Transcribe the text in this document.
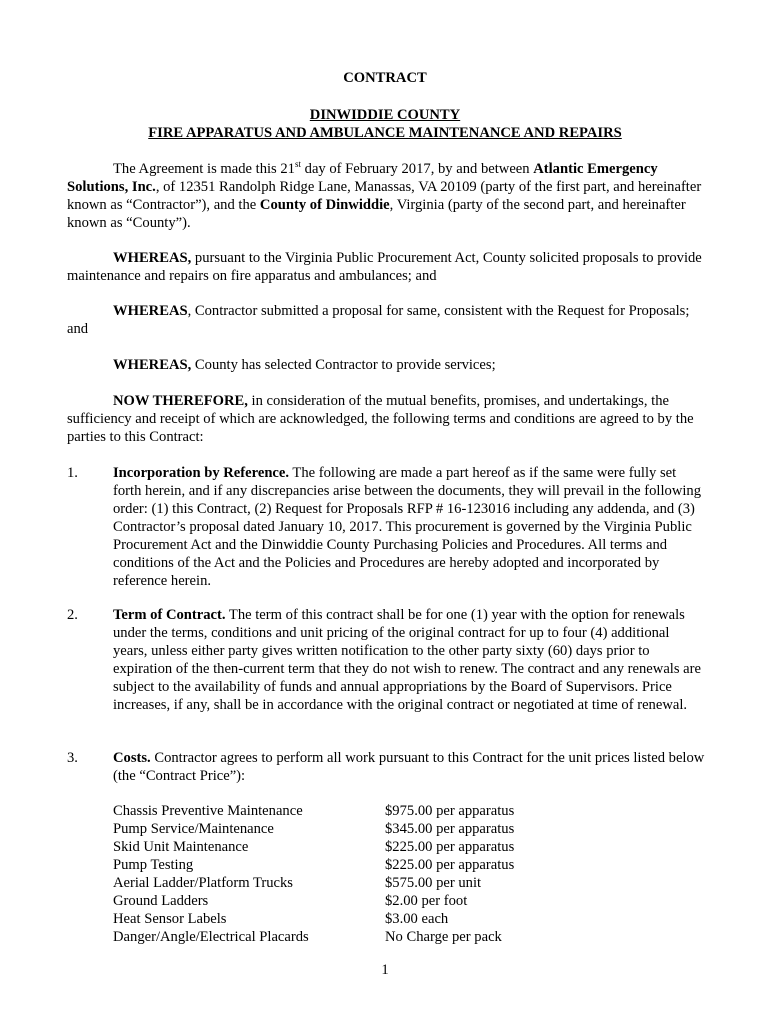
CONTRACT
DINWIDDIE COUNTY
FIRE APPARATUS AND AMBULANCE MAINTENANCE AND REPAIRS
The Agreement is made this 21st day of February 2017, by and between Atlantic Emergency Solutions, Inc., of 12351 Randolph Ridge Lane, Manassas, VA 20109 (party of the first part, and hereinafter known as “Contractor”), and the County of Dinwiddie, Virginia (party of the second part, and hereinafter known as “County”).
WHEREAS, pursuant to the Virginia Public Procurement Act, County solicited proposals to provide maintenance and repairs on fire apparatus and ambulances; and
WHEREAS, Contractor submitted a proposal for same, consistent with the Request for Proposals; and
WHEREAS, County has selected Contractor to provide services;
NOW THEREFORE, in consideration of the mutual benefits, promises, and undertakings, the sufficiency and receipt of which are acknowledged, the following terms and conditions are agreed to by the parties to this Contract:
1. Incorporation by Reference. The following are made a part hereof as if the same were fully set forth herein, and if any discrepancies arise between the documents, they will prevail in the following order: (1) this Contract, (2) Request for Proposals RFP # 16-123016 including any addenda, and (3) Contractor’s proposal dated January 10, 2017. This procurement is governed by the Virginia Public Procurement Act and the Dinwiddie County Purchasing Policies and Procedures. All terms and conditions of the Act and the Policies and Procedures are hereby adopted and incorporated by reference herein.
2. Term of Contract. The term of this contract shall be for one (1) year with the option for renewals under the terms, conditions and unit pricing of the original contract for up to four (4) additional years, unless either party gives written notification to the other party sixty (60) days prior to expiration of the then-current term that they do not wish to renew. The contract and any renewals are subject to the availability of funds and annual appropriations by the Board of Supervisors. Price increases, if any, shall be in accordance with the original contract or negotiated at time of renewal.
3. Costs. Contractor agrees to perform all work pursuant to this Contract for the unit prices listed below (the “Contract Price”):
Chassis Preventive Maintenance	$975.00 per apparatus
Pump Service/Maintenance	$345.00 per apparatus
Skid Unit Maintenance	$225.00 per apparatus
Pump Testing	$225.00 per apparatus
Aerial Ladder/Platform Trucks	$575.00 per unit
Ground Ladders	$2.00 per foot
Heat Sensor Labels	$3.00 each
Danger/Angle/Electrical Placards	No Charge per pack
1
